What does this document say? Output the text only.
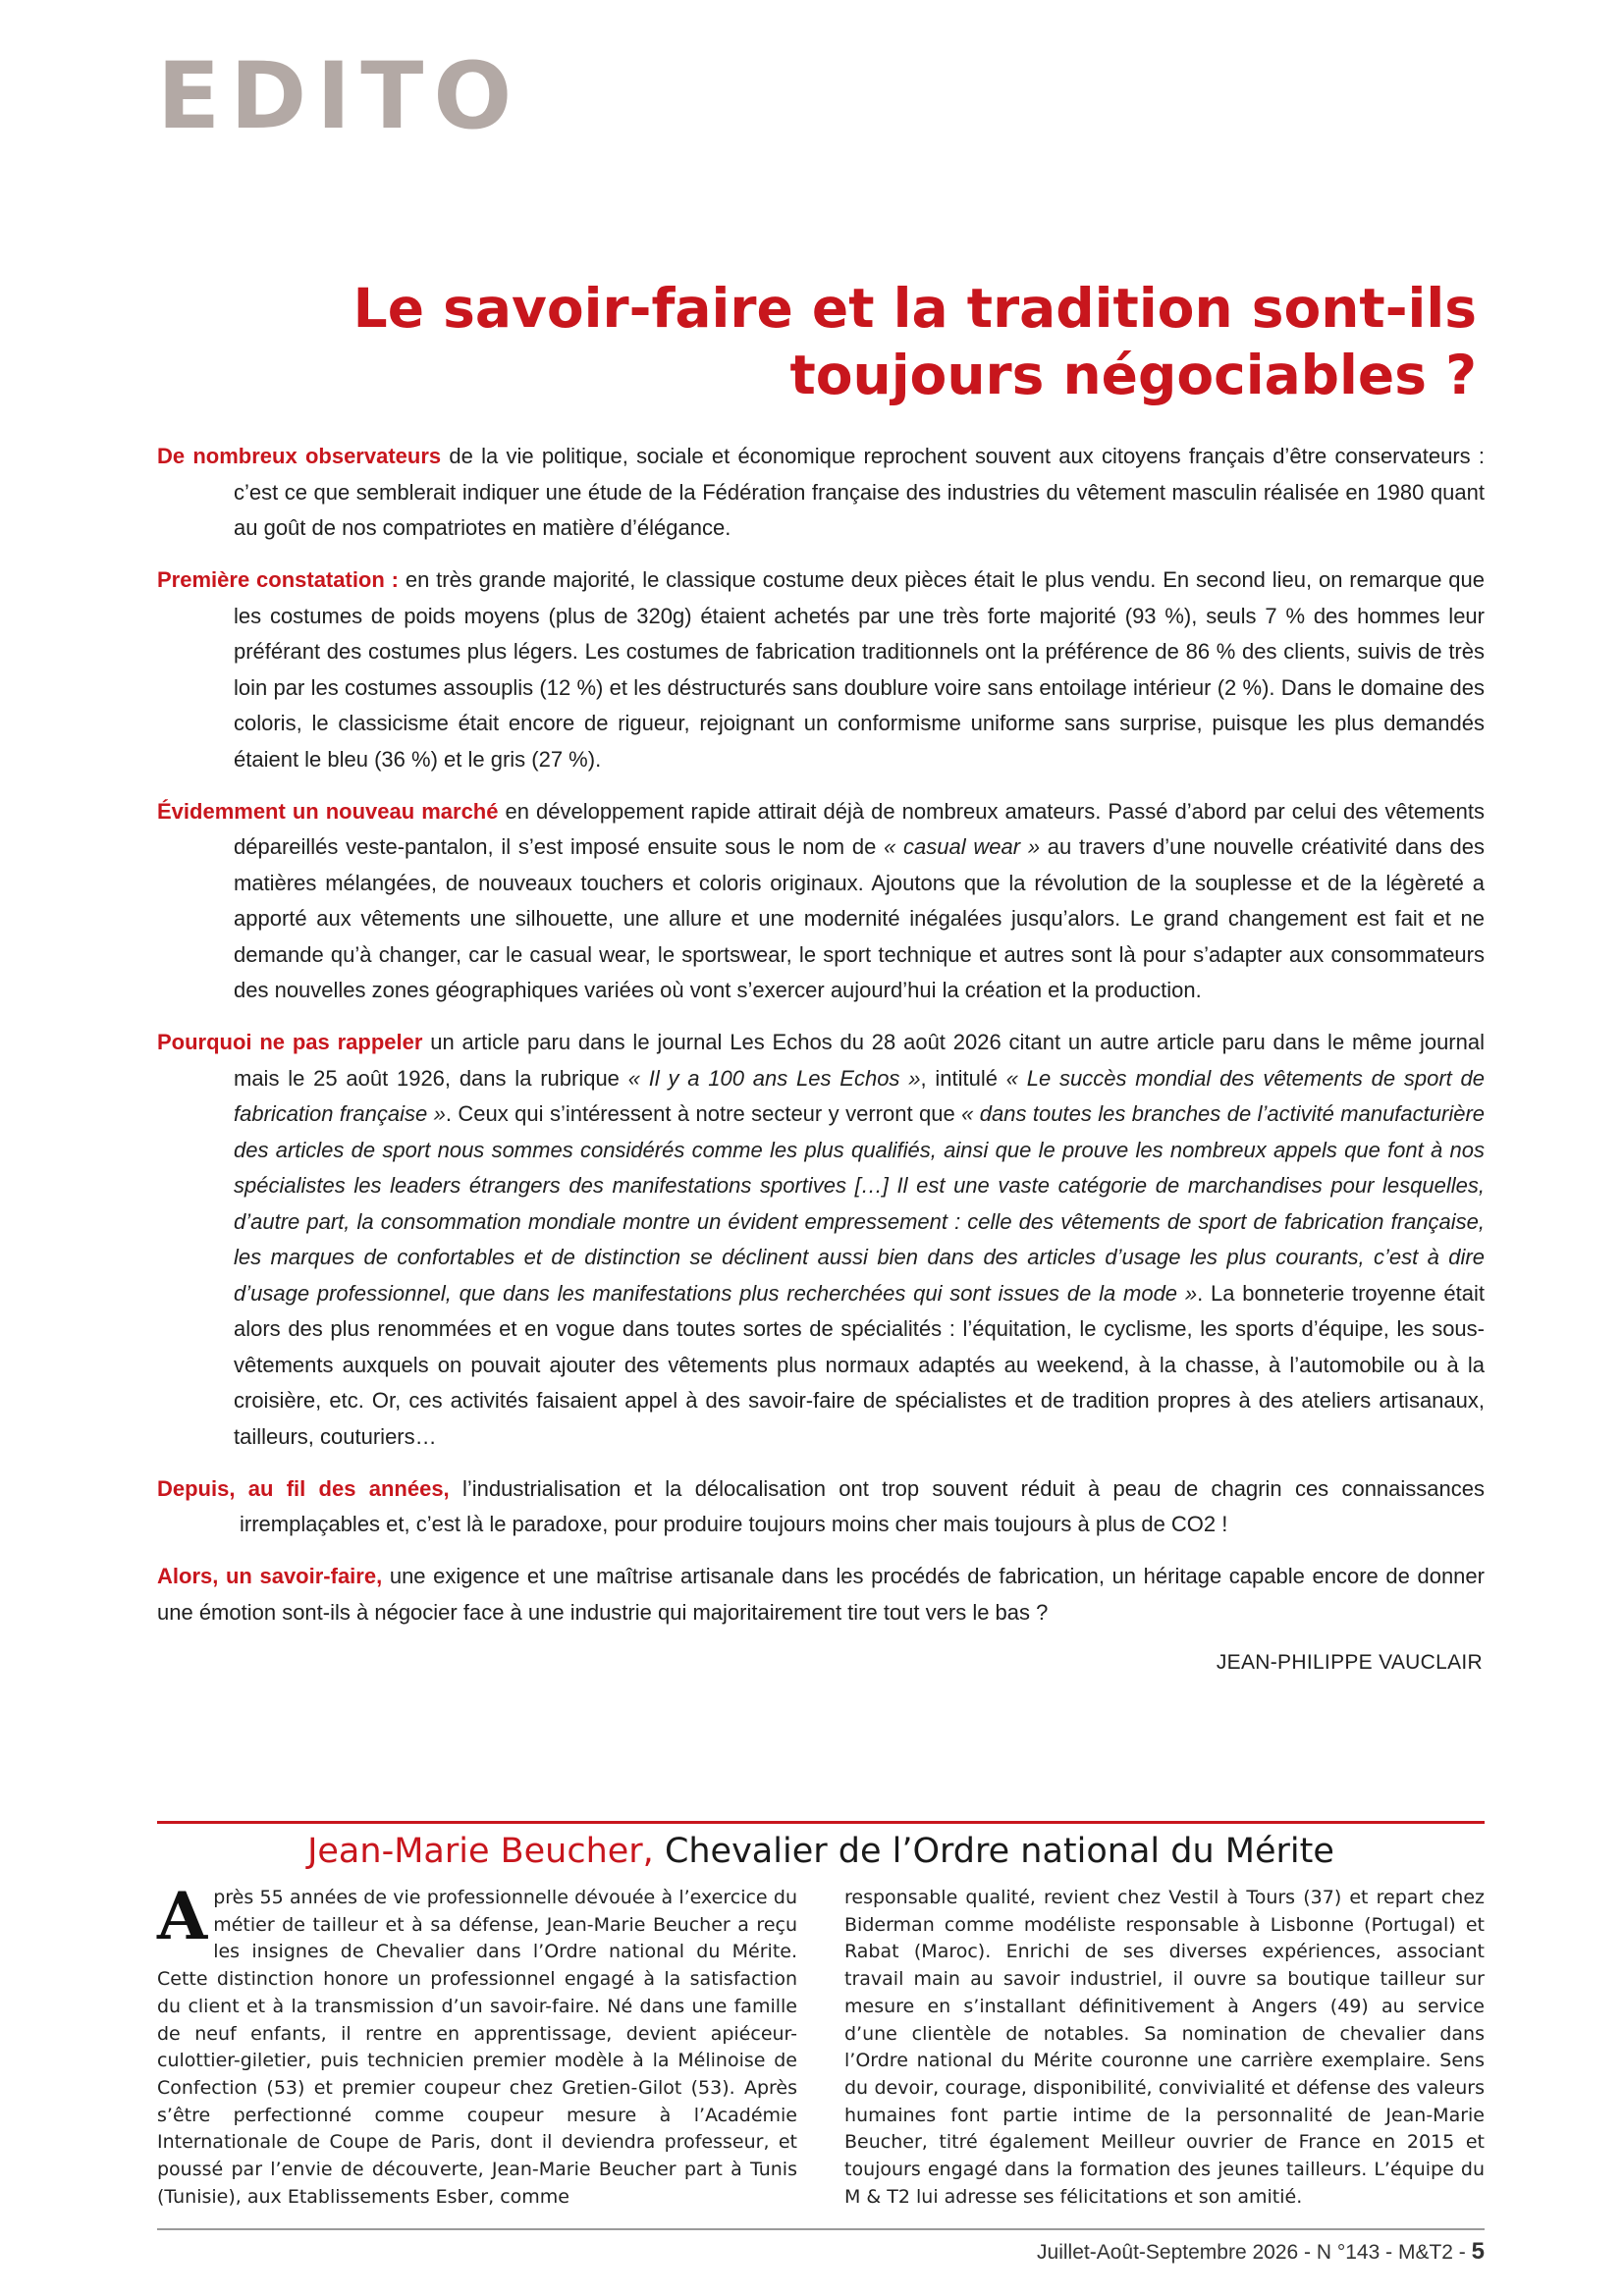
EDITO
Le savoir-faire et la tradition sont-ils
toujours négociables ?

De nombreux observateurs de la vie politique, sociale et économique reprochent souvent aux citoyens français d’être conservateurs : c’est ce que semblerait indiquer une étude de la Fédération française des industries du vêtement masculin réalisée en 1980 quant au goût de nos compatriotes en matière d’élégance.

Première constatation : en très grande majorité, le classique costume deux pièces était le plus vendu. En second lieu, on remarque que les costumes de poids moyens (plus de 320g) étaient achetés par une très forte majorité (93 %), seuls 7 % des hommes leur préférant des costumes plus légers. Les costumes de fabrication traditionnels ont la préférence de 86 % des clients, suivis de très loin par les costumes assouplis (12 %) et les déstructurés sans doublure voire sans entoilage intérieur (2 %). Dans le domaine des coloris, le classicisme était encore de rigueur, rejoignant un conformisme uniforme sans surprise, puisque les plus demandés étaient le bleu (36 %) et le gris (27 %).

Évidemment un nouveau marché en développement rapide attirait déjà de nombreux amateurs. Passé d’abord par celui des vêtements dépareillés veste-pantalon, il s’est imposé ensuite sous le nom de « casual wear » au travers d’une nouvelle créativité dans des matières mélangées, de nouveaux touchers et coloris originaux. Ajoutons que la révolution de la souplesse et de la légèreté a apporté aux vêtements une silhouette, une allure et une modernité inégalées jusqu’alors. Le grand changement est fait et ne demande qu’à changer, car le casual wear, le sportswear, le sport technique et autres sont là pour s’adapter aux consommateurs des nouvelles zones géographiques variées où vont s’exercer aujourd’hui la création et la production.

Pourquoi ne pas rappeler un article paru dans le journal Les Echos du 28 août 2026 citant un autre article paru dans le même journal mais le 25 août 1926, dans la rubrique « Il y a 100 ans Les Echos », intitulé « Le succès mondial des vêtements de sport de fabrication française ». Ceux qui s’intéressent à notre secteur y verront que « dans toutes les branches de l’activité manufacturière des articles de sport nous sommes considérés comme les plus qualifiés, ainsi que le prouve les nombreux appels que font à nos spécialistes les leaders étrangers des manifestations sportives […] Il est une vaste catégorie de marchandises pour lesquelles, d’autre part, la consommation mondiale montre un évident empressement : celle des vêtements de sport de fabrication française, les marques de confortables et de distinction se déclinent aussi bien dans des articles d’usage les plus courants, c’est à dire d’usage professionnel, que dans les manifestations plus recherchées qui sont issues de la mode ». La bonneterie troyenne était alors des plus renommées et en vogue dans toutes sortes de spécialités : l’équitation, le cyclisme, les sports d’équipe, les sous-vêtements auxquels on pouvait ajouter des vêtements plus normaux adaptés au weekend, à la chasse, à l’automobile ou à la croisière, etc. Or, ces activités faisaient appel à des savoir-faire de spécialistes et de tradition propres à des ateliers artisanaux, tailleurs, couturiers…

Depuis, au fil des années, l’industrialisation et la délocalisation ont trop souvent réduit à peau de chagrin ces connaissances irremplaçables et, c’est là le paradoxe, pour produire toujours moins cher mais toujours à plus de CO2 !

Alors, un savoir-faire, une exigence et une maîtrise artisanale dans les procédés de fabrication, un héritage capable encore de donner une émotion sont-ils à négocier face à une industrie qui majoritairement tire tout vers le bas ?

JEAN-PHILIPPE VAUCLAIR
Jean-Marie Beucher, Chevalier de l’Ordre national du Mérite
Après 55 années de vie professionnelle dévouée à l’exercice du métier de tailleur et à sa défense, Jean-Marie Beucher a reçu les insignes de Chevalier dans l’Ordre national du Mérite. Cette distinction honore un professionnel engagé à la satisfaction du client et à la transmission d’un savoir-faire. Né dans une famille de neuf enfants, il rentre en apprentissage, devient apiéceur-culottier-giletier, puis technicien premier modèle à la Mélinoise de Confection (53) et premier coupeur chez Gretien-Gilot (53). Après s’être perfectionné comme coupeur mesure à l’Académie Internationale de Coupe de Paris, dont il deviendra professeur, et poussé par l’envie de découverte, Jean-Marie Beucher part à Tunis (Tunisie), aux Etablissements Esber, comme
responsable qualité, revient chez Vestil à Tours (37) et repart chez Biderman comme modéliste responsable à Lisbonne (Portugal) et Rabat (Maroc). Enrichi de ses diverses expériences, associant travail main au savoir industriel, il ouvre sa boutique tailleur sur mesure en s’installant définitivement à Angers (49) au service d’une clientèle de notables. Sa nomination de chevalier dans l’Ordre national du Mérite couronne une carrière exemplaire. Sens du devoir, courage, disponibilité, convivialité et défense des valeurs humaines font partie intime de la personnalité de Jean-Marie Beucher, titré également Meilleur ouvrier de France en 2015 et toujours engagé dans la formation des jeunes tailleurs. L’équipe du M & T2 lui adresse ses félicitations et son amitié.
Juillet-Août-Septembre 2026 - N °143 - M&T2 - 5
